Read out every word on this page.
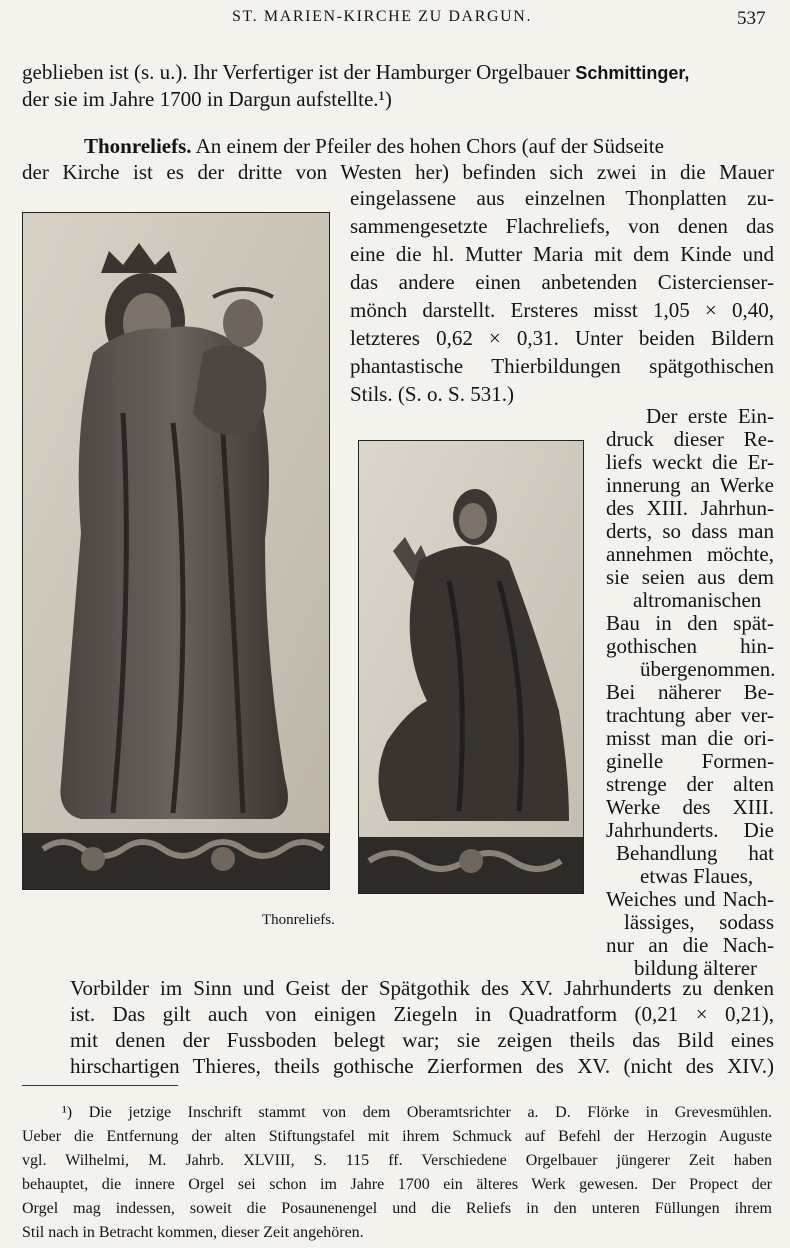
ST. MARIEN-KIRCHE ZU DARGUN.	537
geblieben ist (s. u.). Ihr Verfertiger ist der Hamburger Orgelbauer Schmittinger,
der sie im Jahre 1700 in Dargun aufstellte.¹)
Thonreliefs. An einem der Pfeiler des hohen Chors (auf der Südseite
der Kirche ist es der dritte von Westen her) befinden sich zwei in die Mauer
eingelassene aus einzelnen Thonplatten zu-
sammengesetzte Flachreliefs, von denen das
eine die hl. Mutter Maria mit dem Kinde und
das andere einen anbetenden Cistercienser-
mönch darstellt. Ersteres misst 1,05 × 0,40,
letzteres 0,62 × 0,31. Unter beiden Bildern
phantastische Thierbildungen spätgothischen
Stils. (S. o. S. 531.)
Der erste Ein-
druck dieser Re-
liefs weckt die Er-
innerung an Werke
des XIII. Jahrhun-
derts, so dass man
annehmen möchte,
sie seien aus dem
altromanischen
Bau in den spät-
gothischen hin-
übergenommen.
Bei näherer Be-
trachtung aber ver-
misst man die ori-
ginelle Formen-
strenge der alten
Werke des XIII.
Jahrhunderts. Die
Behandlung hat
etwas Flaues,
Weiches und Nach-
lässiges, sodass
nur an die Nach-
bildung älterer
Vorbilder im Sinn und Geist der Spätgothik des XV. Jahrhunderts zu denken
ist. Das gilt auch von einigen Ziegeln in Quadratform (0,21 × 0,21),
mit denen der Fussboden belegt war; sie zeigen theils das Bild eines
hirschartigen Thieres, theils gothische Zierformen des XV. (nicht des XIV.)
Thonreliefs.
¹) Die jetzige Inschrift stammt von dem Oberamtsrichter a. D. Flörke in Grevesmühlen.
Ueber die Entfernung der alten Stiftungstafel mit ihrem Schmuck auf Befehl der Herzogin Auguste
vgl. Wilhelmi, M. Jahrb. XLVIII, S. 115 ff. Verschiedene Orgelbauer jüngerer Zeit haben
behauptet, die innere Orgel sei schon im Jahre 1700 ein älteres Werk gewesen. Der Propect der
Orgel mag indessen, soweit die Posaunenengel und die Reliefs in den unteren Füllungen ihrem
Stil nach in Betracht kommen, dieser Zeit angehören.
